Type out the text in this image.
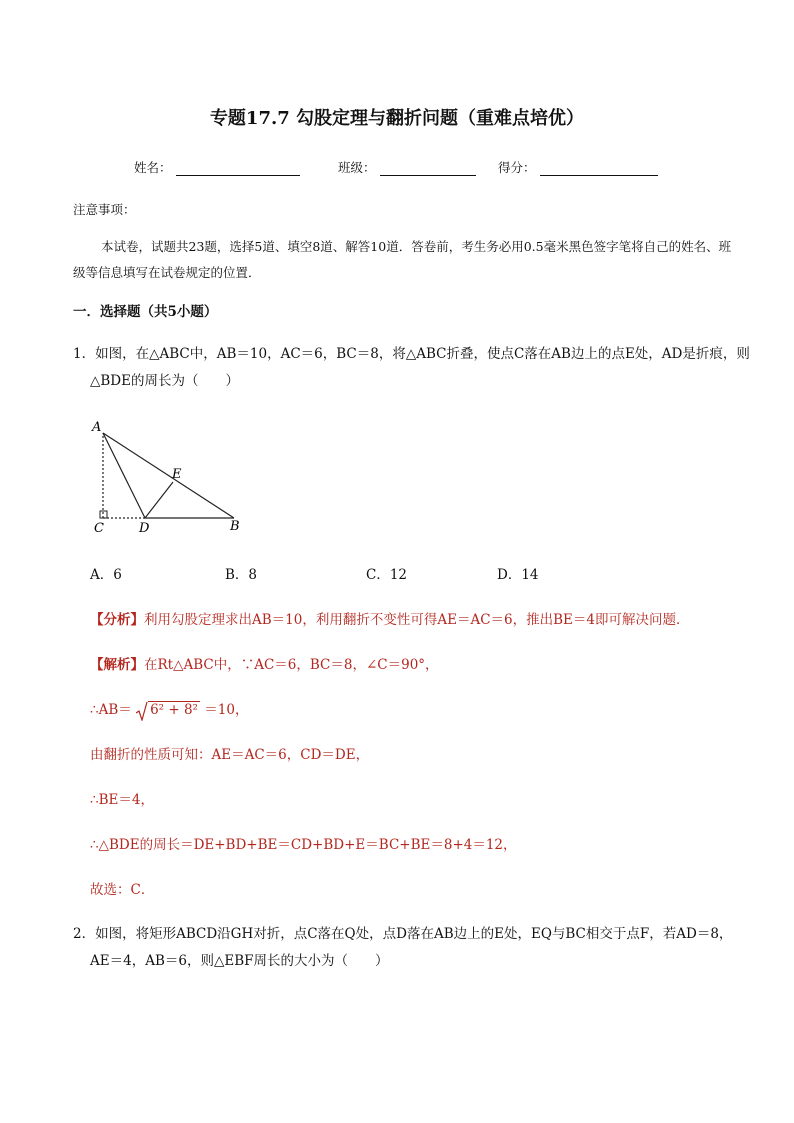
专题17.7 勾股定理与翻折问题（重难点培优）
姓名：	班级：	得分：
注意事项：
本试卷，试题共23题，选择5道、填空8道、解答10道．答卷前，考生务必用0.5毫米黑色签字笔将自己的姓名、班级等信息填写在试卷规定的位置．
一．选择题（共5小题）
1．如图，在△ABC中，AB＝10，AC＝6，BC＝8，将△ABC折叠，使点C落在AB边上的点E处，AD是折痕，则△BDE的周长为（　　）
A
E
C	D	B
A．6	B．8	C．12	D．14
【分析】利用勾股定理求出AB＝10，利用翻折不变性可得AE＝AC＝6，推出BE＝4即可解决问题．
【解析】在Rt△ABC中，∵AC＝6，BC＝8，∠C＝90°，
∴AB＝ 6² + 8² ＝10，
由翻折的性质可知：AE＝AC＝6，CD＝DE，
∴BE＝4，
∴△BDE的周长＝DE+BD+BE＝CD+BD+E＝BC+BE＝8+4＝12，
故选：C．
2．如图，将矩形ABCD沿GH对折，点C落在Q处，点D落在AB边上的E处，EQ与BC相交于点F，若AD＝8，AE＝4，AB＝6，则△EBF周长的大小为（　　）
